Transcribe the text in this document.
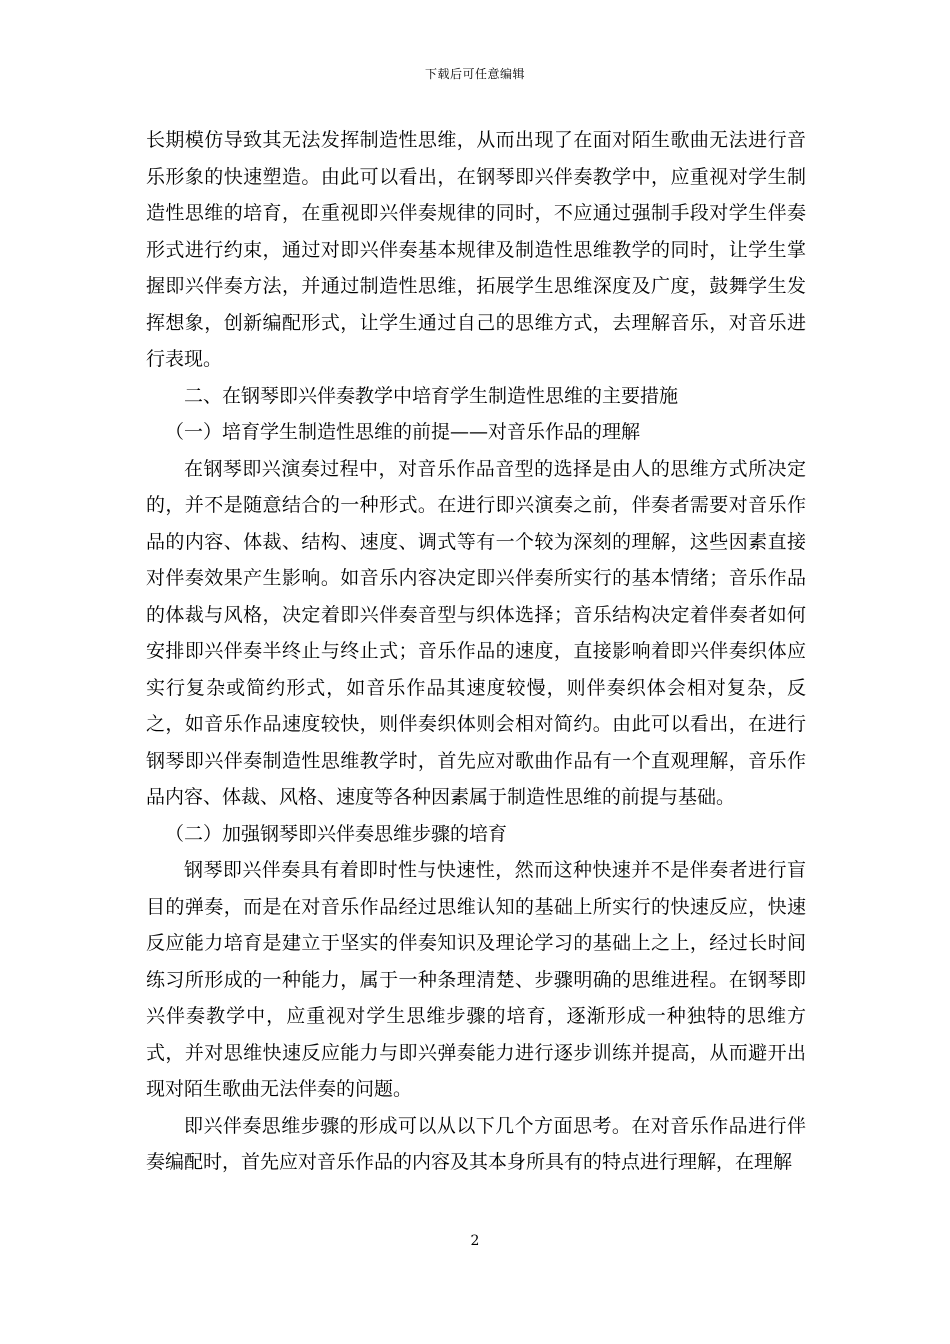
下载后可任意编辑

长期模仿导致其无法发挥制造性思维，从而出现了在面对陌生歌曲无法进行音乐形象的快速塑造。由此可以看出，在钢琴即兴伴奏教学中，应重视对学生制造性思维的培育，在重视即兴伴奏规律的同时，不应通过强制手段对学生伴奏形式进行约束，通过对即兴伴奏基本规律及制造性思维教学的同时，让学生掌握即兴伴奏方法，并通过制造性思维，拓展学生思维深度及广度，鼓舞学生发挥想象，创新编配形式，让学生通过自己的思维方式，去理解音乐，对音乐进行表现。

二、在钢琴即兴伴奏教学中培育学生制造性思维的主要措施

（一）培育学生制造性思维的前提——对音乐作品的理解

在钢琴即兴演奏过程中，对音乐作品音型的选择是由人的思维方式所决定的，并不是随意结合的一种形式。在进行即兴演奏之前，伴奏者需要对音乐作品的内容、体裁、结构、速度、调式等有一个较为深刻的理解，这些因素直接对伴奏效果产生影响。如音乐内容决定即兴伴奏所实行的基本情绪；音乐作品的体裁与风格，决定着即兴伴奏音型与织体选择；音乐结构决定着伴奏者如何安排即兴伴奏半终止与终止式；音乐作品的速度，直接影响着即兴伴奏织体应实行复杂或简约形式，如音乐作品其速度较慢，则伴奏织体会相对复杂，反之，如音乐作品速度较快，则伴奏织体则会相对简约。由此可以看出，在进行钢琴即兴伴奏制造性思维教学时，首先应对歌曲作品有一个直观理解，音乐作品内容、体裁、风格、速度等各种因素属于制造性思维的前提与基础。

（二）加强钢琴即兴伴奏思维步骤的培育

钢琴即兴伴奏具有着即时性与快速性，然而这种快速并不是伴奏者进行盲目的弹奏，而是在对音乐作品经过思维认知的基础上所实行的快速反应，快速反应能力培育是建立于坚实的伴奏知识及理论学习的基础上之上，经过长时间练习所形成的一种能力，属于一种条理清楚、步骤明确的思维进程。在钢琴即兴伴奏教学中，应重视对学生思维步骤的培育，逐渐形成一种独特的思维方式，并对思维快速反应能力与即兴弹奏能力进行逐步训练并提高，从而避开出现对陌生歌曲无法伴奏的问题。

即兴伴奏思维步骤的形成可以从以下几个方面思考。在对音乐作品进行伴奏编配时，首先应对音乐作品的内容及其本身所具有的特点进行理解，在理解

2
